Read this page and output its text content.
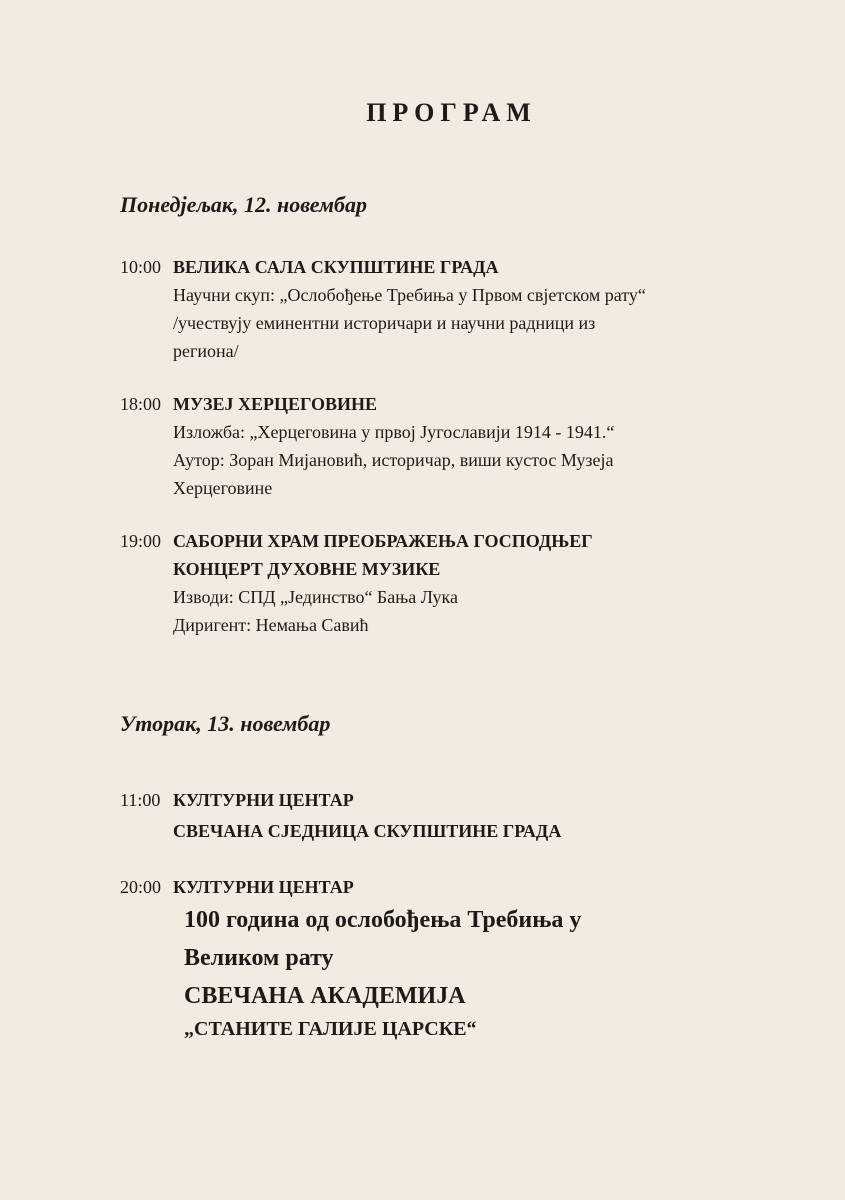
ПРОГРАМ
Понедјељак, 12. новембар
10:00 ВЕЛИКА САЛА СКУПШТИНЕ ГРАДА
Научни скуп: „Ослобођење Требиња у Првом свјетском рату“
/учествују еминентни историчари и научни радници из
региона/
18:00 МУЗЕЈ ХЕРЦЕГОВИНЕ
Изложба: „Херцеговина у првој Југославији 1914 - 1941.“
Аутор: Зоран Мијановић, историчар, виши кустос Музеја
Херцеговине
19:00 САБОРНИ ХРАМ ПРЕОБРАЖЕЊА ГОСПОДЊЕГ
КОНЦЕРТ ДУХОВНЕ МУЗИКЕ
Изводи: СПД „Јединство“ Бања Лука
Диригент: Немања Савић
Уторак, 13. новембар
11:00 КУЛТУРНИ ЦЕНТАР
СВЕЧАНА СЈЕДНИЦА СКУПШТИНЕ ГРАДА
20:00 КУЛТУРНИ ЦЕНТАР
100 година од ослобођења Требиња у
Великом рату
СВЕЧАНА АКАДЕМИЈА
„СТАНИТЕ ГАЛИЈЕ ЦАРСКЕ“
